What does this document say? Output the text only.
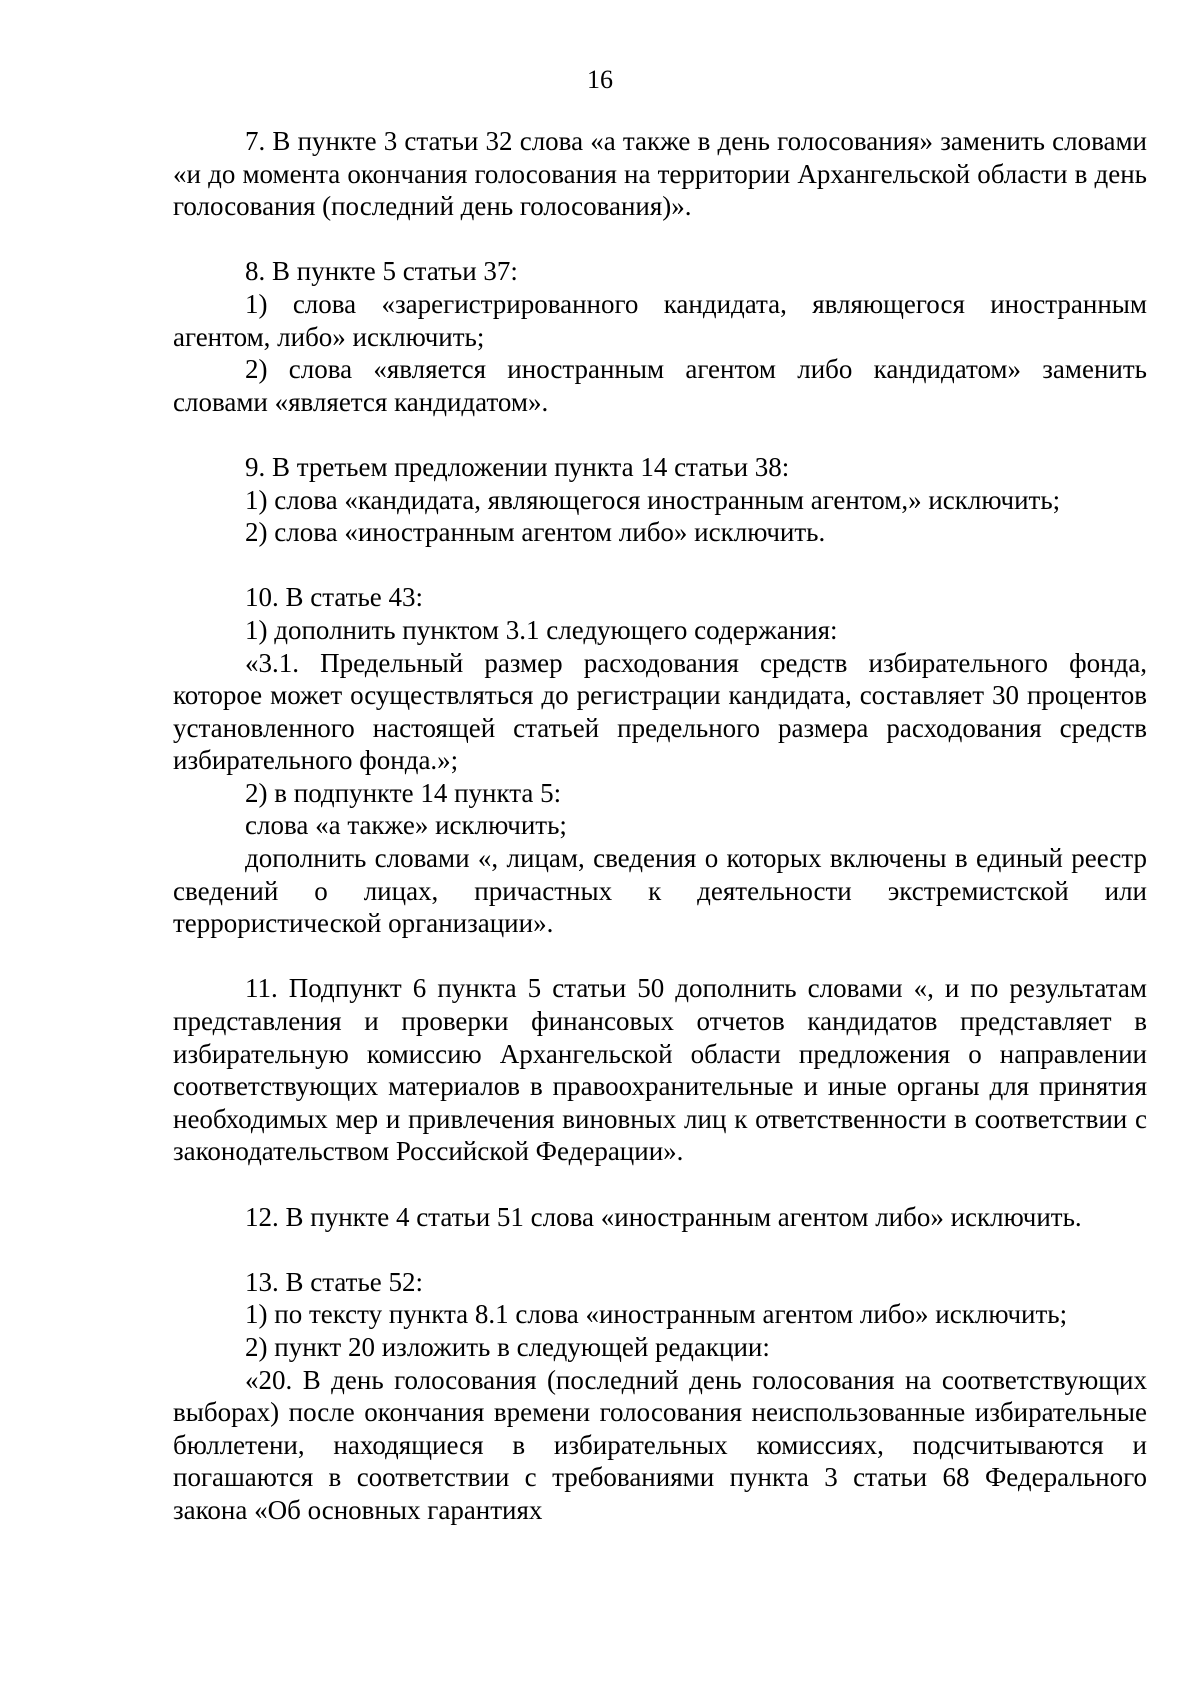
16

7. В пункте 3 статьи 32 слова «а также в день голосования» заменить словами «и до момента окончания голосования на территории Архангельской области в день голосования (последний день голосования)».

8. В пункте 5 статьи 37:

1) слова «зарегистрированного кандидата, являющегося иностранным агентом, либо» исключить;

2) слова «является иностранным агентом либо кандидатом» заменить словами «является кандидатом».

9. В третьем предложении пункта 14 статьи 38:

1) слова «кандидата, являющегося иностранным агентом,» исключить;

2) слова «иностранным агентом либо» исключить.

10. В статье 43:

1) дополнить пунктом 3.1 следующего содержания:

«3.1. Предельный размер расходования средств избирательного фонда, которое может осуществляться до регистрации кандидата, составляет 30 процентов установленного настоящей статьей предельного размера расходования средств избирательного фонда.»;

2) в подпункте 14 пункта 5:

слова «а также» исключить;

дополнить словами «, лицам, сведения о которых включены в единый реестр сведений о лицах, причастных к деятельности экстремистской или террористической организации».

11. Подпункт 6 пункта 5 статьи 50 дополнить словами «, и по результатам представления и проверки финансовых отчетов кандидатов представляет в избирательную комиссию Архангельской области предложения о направлении соответствующих материалов в правоохранительные и иные органы для принятия необходимых мер и привлечения виновных лиц к ответственности в соответствии с законодательством Российской Федерации».

12. В пункте 4 статьи 51 слова «иностранным агентом либо» исключить.

13. В статье 52:

1) по тексту пункта 8.1 слова «иностранным агентом либо» исключить;

2) пункт 20 изложить в следующей редакции:

«20. В день голосования (последний день голосования на соответствующих выборах) после окончания времени голосования неиспользованные избирательные бюллетени, находящиеся в избирательных комиссиях, подсчитываются и погашаются в соответствии с требованиями пункта 3 статьи 68 Федерального закона «Об основных гарантиях
